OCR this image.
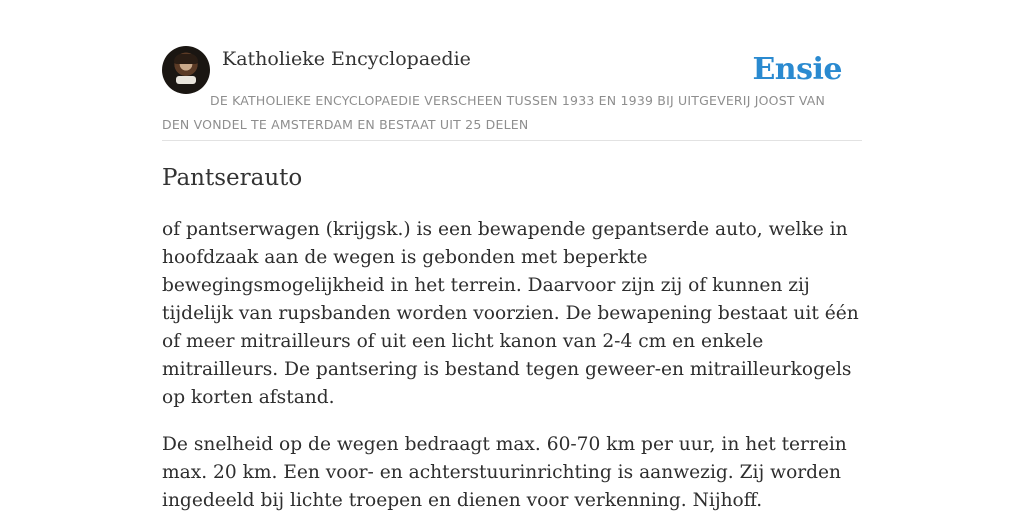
Katholieke Encyclopaedie	Ensie
DE KATHOLIEKE ENCYCLOPAEDIE VERSCHEEN TUSSEN 1933 EN 1939 BIJ UITGEVERIJ JOOST VAN DEN VONDEL TE AMSTERDAM EN BESTAAT UIT 25 DELEN
Pantserauto

of pantserwagen (krijgsk.) is een bewapende gepantserde auto, welke in hoofdzaak aan de wegen is gebonden met beperkte bewegingsmogelijkheid in het terrein. Daarvoor zijn zij of kunnen zij tijdelijk van rupsbanden worden voorzien. De bewapening bestaat uit één of meer mitrailleurs of uit een licht kanon van 2-4 cm en enkele mitrailleurs. De pantsering is bestand tegen geweer-en mitrailleurkogels op korten afstand.

De snelheid op de wegen bedraagt max. 60-70 km per uur, in het terrein max. 20 km. Een voor- en achterstuurinrichting is aanwezig. Zij worden ingedeeld bij lichte troepen en dienen voor verkenning. Nijhoff.
